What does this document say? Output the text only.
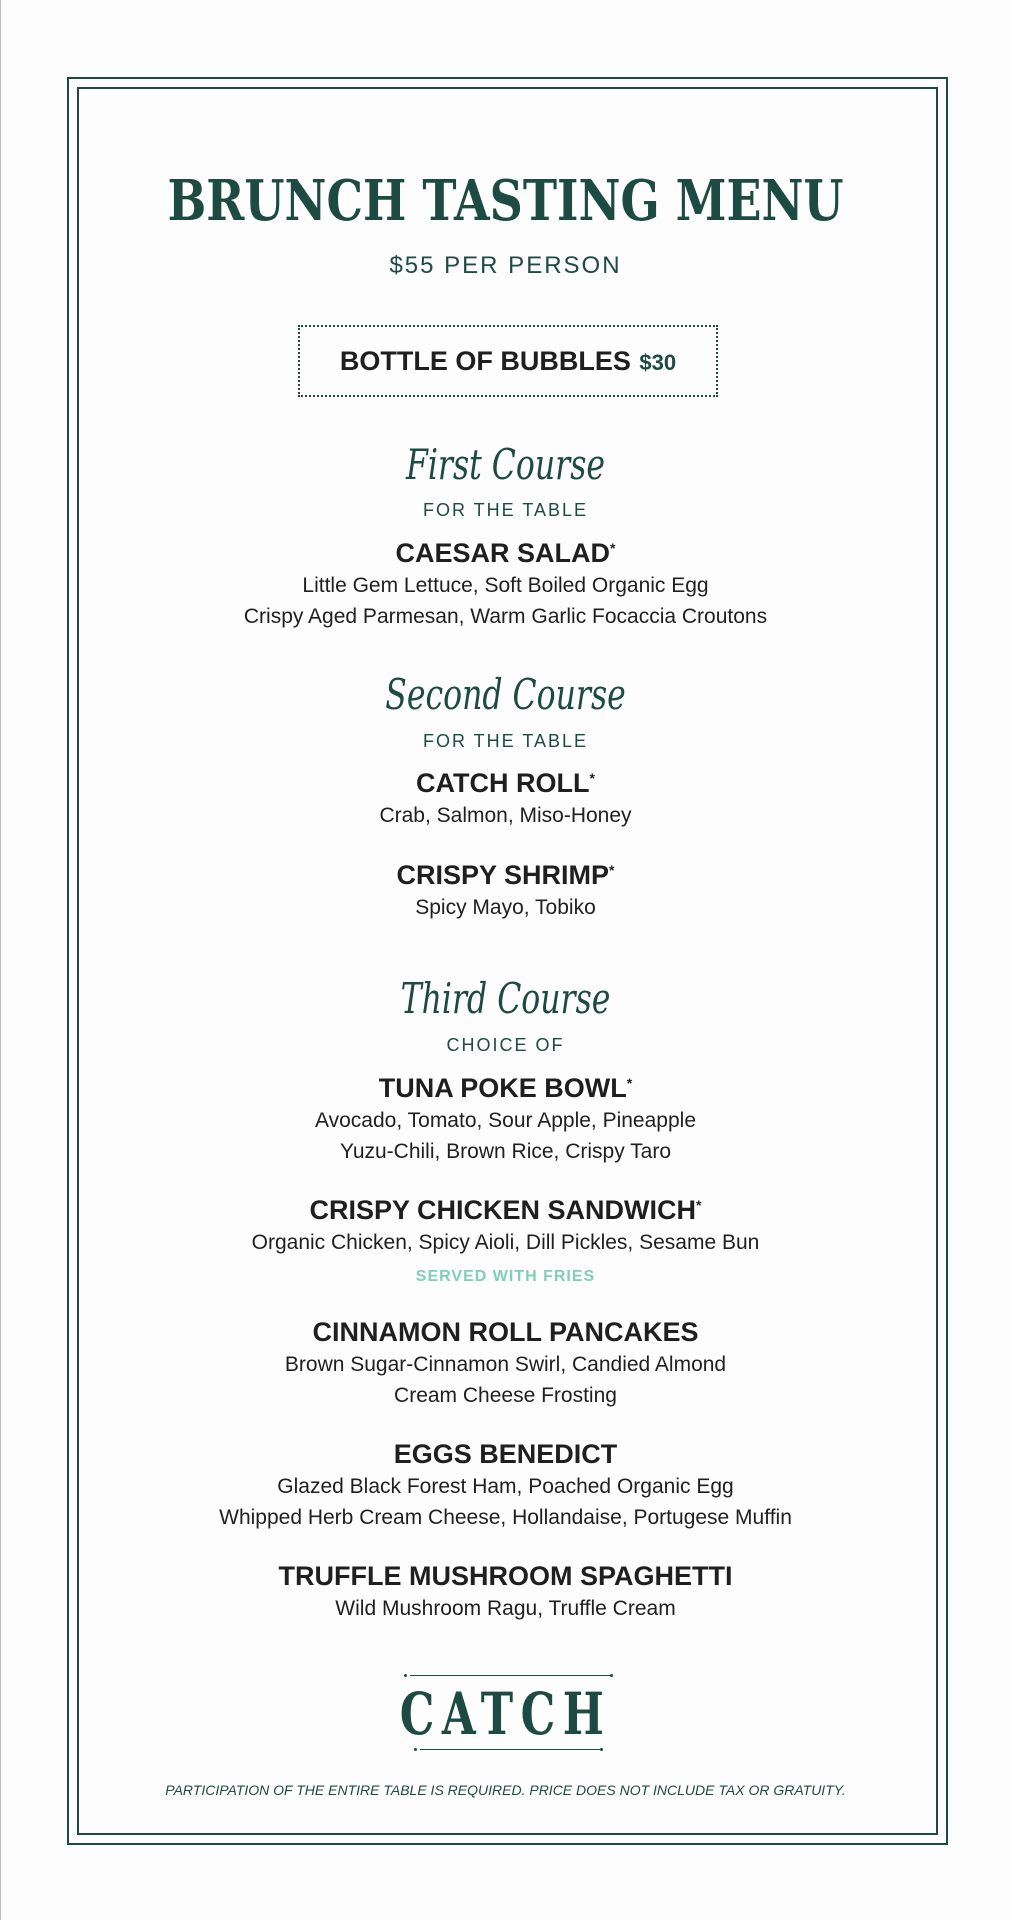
BRUNCH TASTING MENU
$55 PER PERSON
BOTTLE OF BUBBLES $30
First Course
FOR THE TABLE
CAESAR SALAD*
Little Gem Lettuce, Soft Boiled Organic Egg
Crispy Aged Parmesan, Warm Garlic Focaccia Croutons
Second Course
FOR THE TABLE
CATCH ROLL*
Crab, Salmon, Miso-Honey
CRISPY SHRIMP*
Spicy Mayo, Tobiko
Third Course
CHOICE OF
TUNA POKE BOWL*
Avocado, Tomato, Sour Apple, Pineapple
Yuzu-Chili, Brown Rice, Crispy Taro
CRISPY CHICKEN SANDWICH*
Organic Chicken, Spicy Aioli, Dill Pickles, Sesame Bun
SERVED WITH FRIES
CINNAMON ROLL PANCAKES
Brown Sugar-Cinnamon Swirl, Candied Almond
Cream Cheese Frosting
EGGS BENEDICT
Glazed Black Forest Ham, Poached Organic Egg
Whipped Herb Cream Cheese, Hollandaise, Portugese Muffin
TRUFFLE MUSHROOM SPAGHETTI
Wild Mushroom Ragu, Truffle Cream
CATCH
PARTICIPATION OF THE ENTIRE TABLE IS REQUIRED. PRICE DOES NOT INCLUDE TAX OR GRATUITY.
